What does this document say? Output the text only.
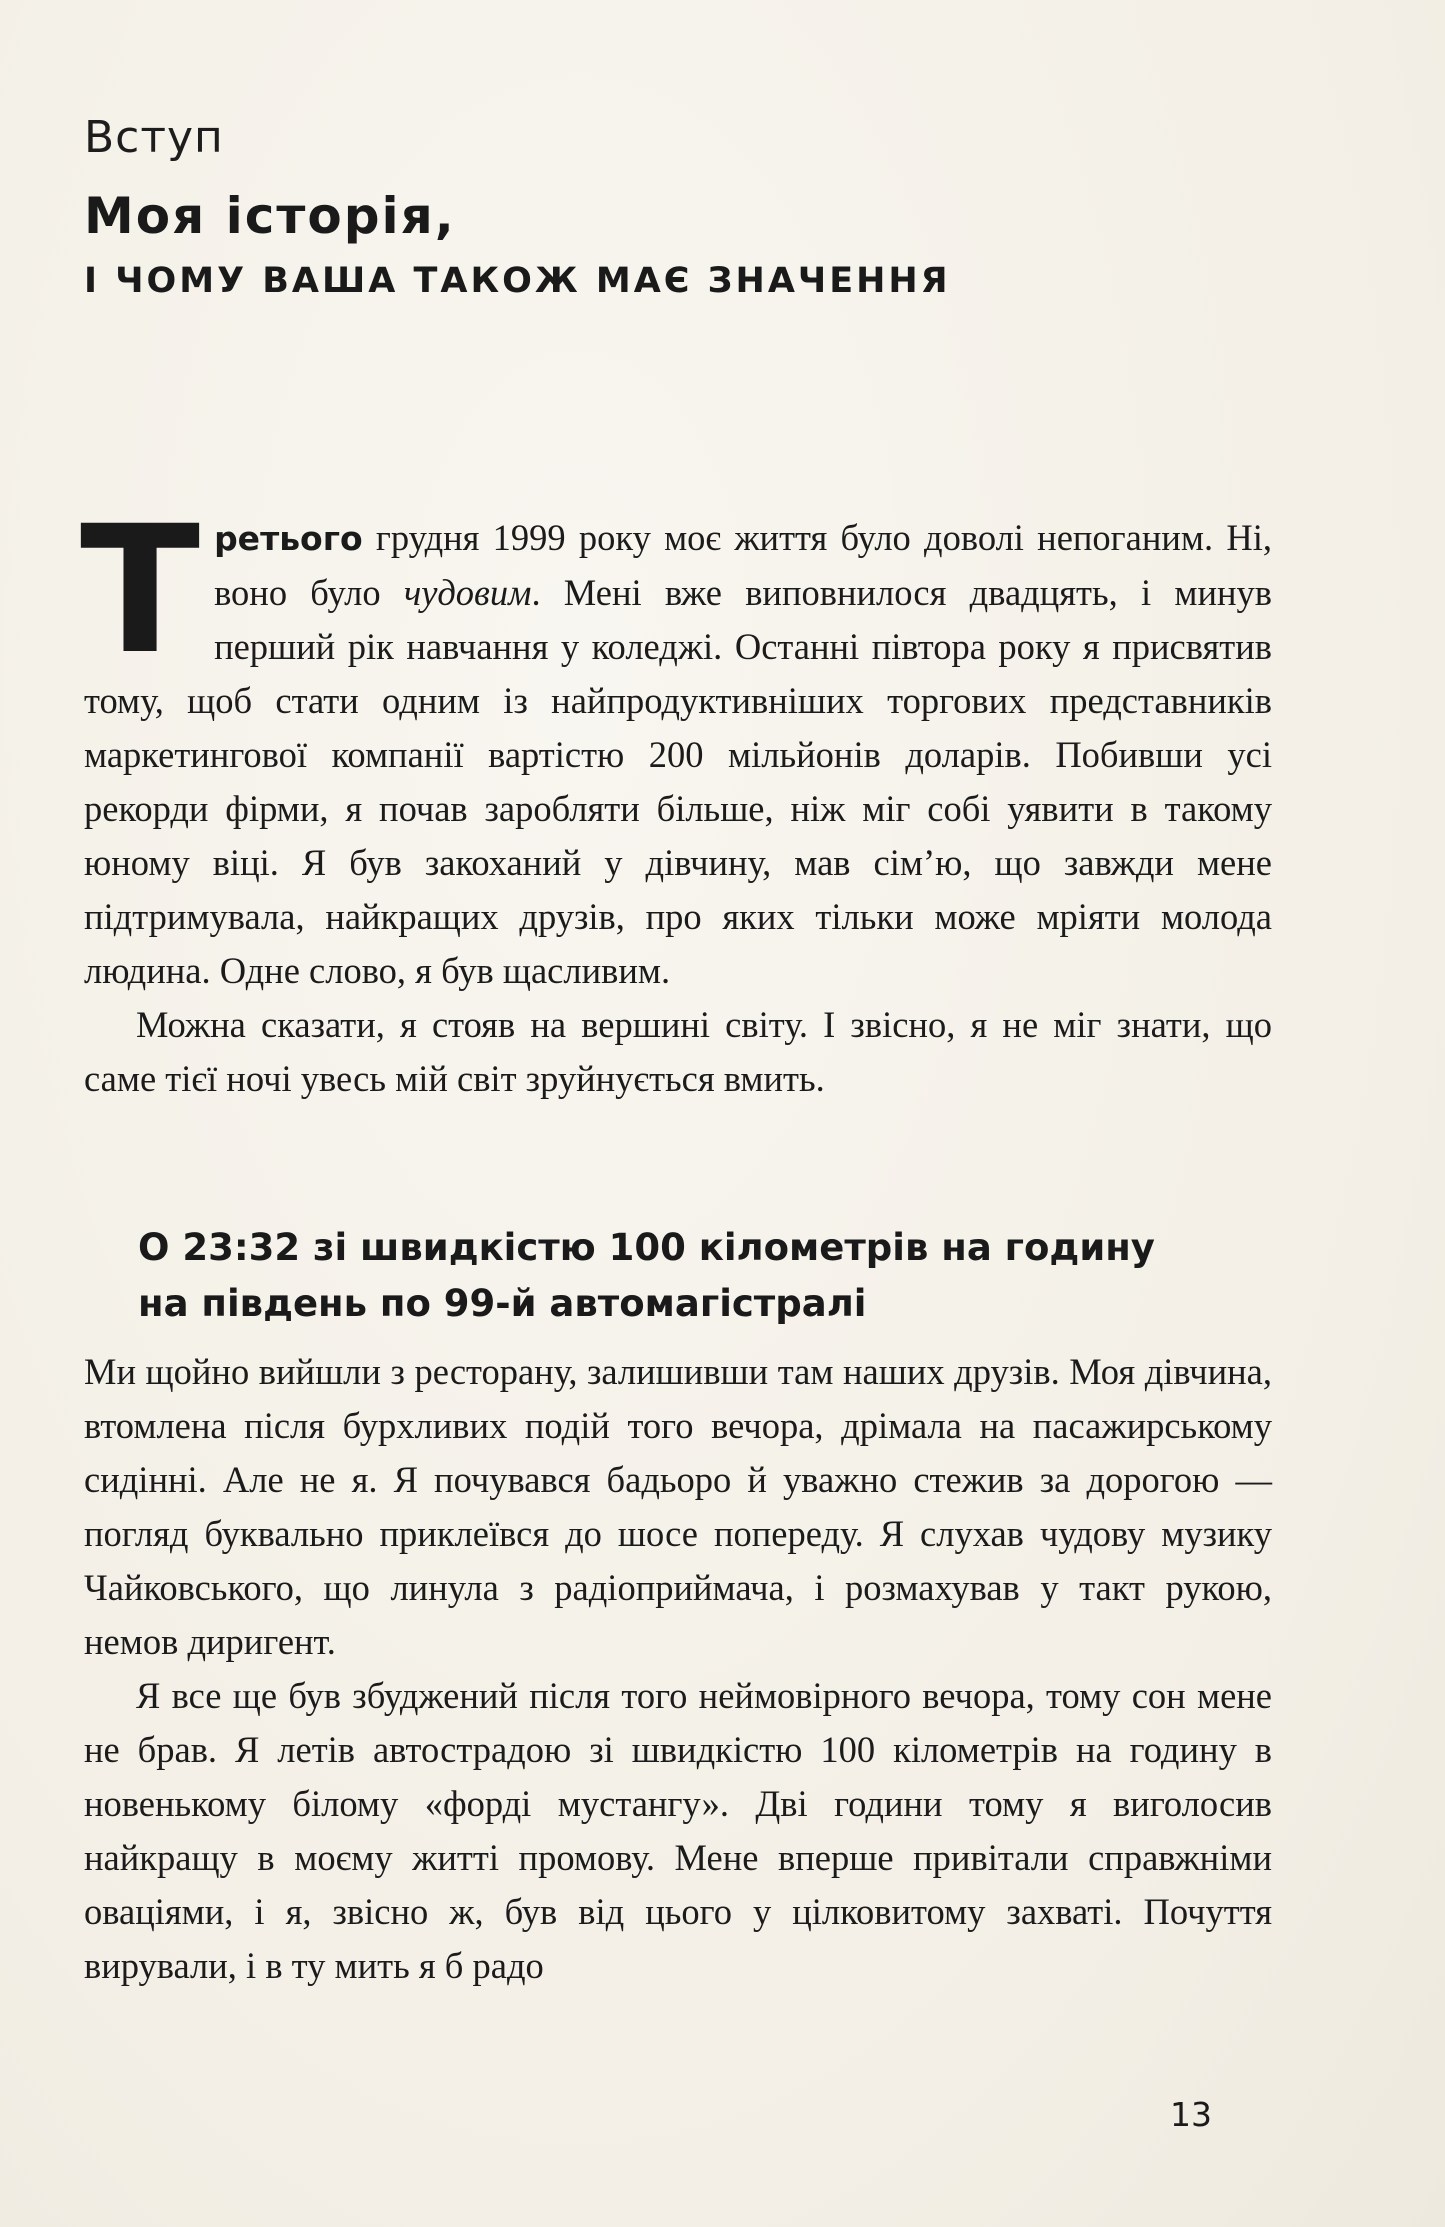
Вступ
Моя історія,
І ЧОМУ ВАША ТАКОЖ МАЄ ЗНАЧЕННЯ

Третього грудня 1999 року моє життя було доволі непоганим. Ні, воно було чудовим. Мені вже виповнилося двадцять, і минув перший рік навчання у коледжі. Останні півтора року я присвятив тому, щоб стати одним із найпродуктивніших торгових представників маркетингової компанії вартістю 200 мільйонів доларів. Побивши усі рекорди фірми, я почав заробляти більше, ніж міг собі уявити в такому юному віці. Я був закоханий у дівчину, мав сім’ю, що завжди мене підтримувала, найкращих друзів, про яких тільки може мріяти молода людина. Одне слово, я був щасливим.

Можна сказати, я стояв на вершині світу. І звісно, я не міг знати, що саме тієї ночі увесь мій світ зруйнується вмить.

О 23:32 зі швидкістю 100 кілометрів на годину
на південь по 99-й автомагістралі

Ми щойно вийшли з ресторану, залишивши там наших друзів. Моя дівчина, втомлена після бурхливих подій того вечора, дрімала на пасажирському сидінні. Але не я. Я почувався бадьоро й уважно стежив за дорогою — погляд буквально приклеївся до шосе попереду. Я слухав чудову музику Чайковського, що линула з радіоприймача, і розмахував у такт рукою, немов диригент.

Я все ще був збуджений після того неймовірного вечора, тому сон мене не брав. Я летів автострадою зі швидкістю 100 кілометрів на годину в новенькому білому «форді мустангу». Дві години тому я виголосив найкращу в моєму житті промову. Мене вперше привітали справжніми оваціями, і я, звісно ж, був від цього у цілковитому захваті. Почуття вирували, і в ту мить я б радо

13
